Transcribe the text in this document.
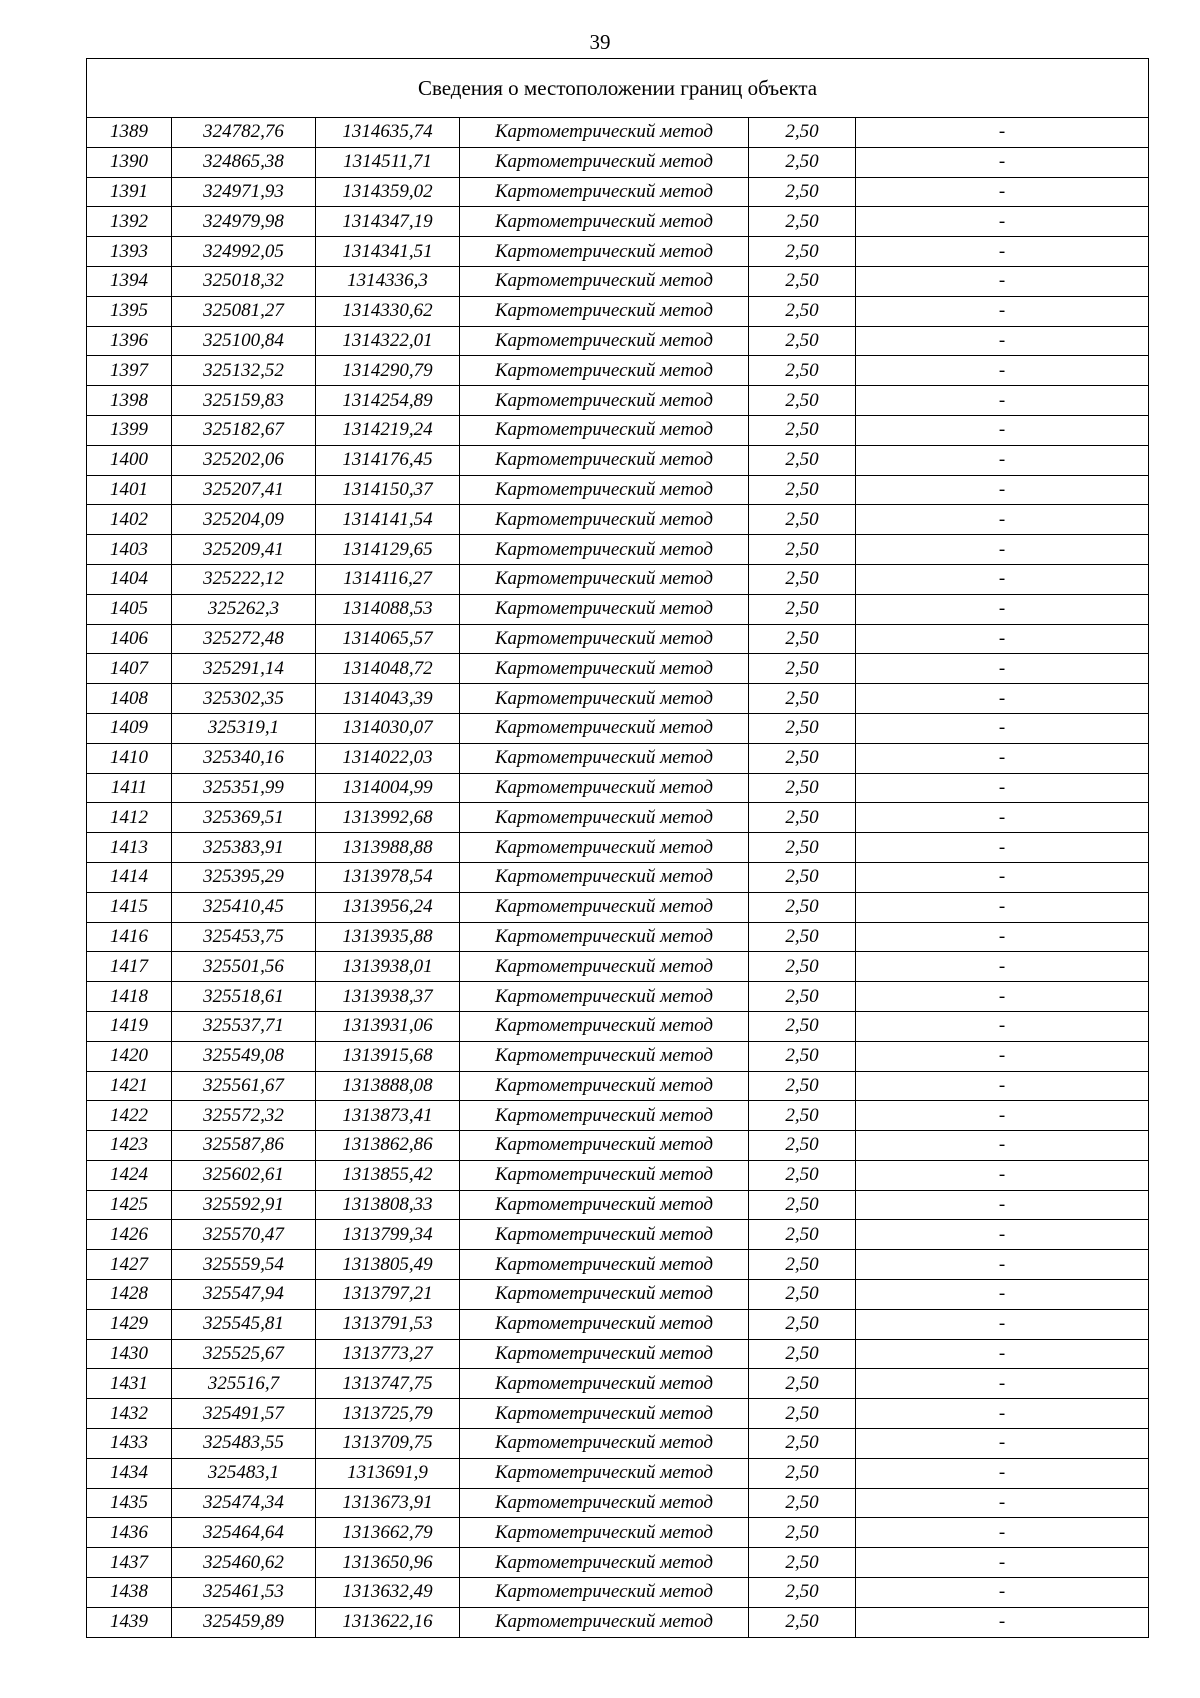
39
Сведения о местоположении границ объекта					
1389	324782,76	1314635,74	Картометрический метод	2,50	-
1390	324865,38	1314511,71	Картометрический метод	2,50	-
1391	324971,93	1314359,02	Картометрический метод	2,50	-
1392	324979,98	1314347,19	Картометрический метод	2,50	-
1393	324992,05	1314341,51	Картометрический метод	2,50	-
1394	325018,32	1314336,3	Картометрический метод	2,50	-
1395	325081,27	1314330,62	Картометрический метод	2,50	-
1396	325100,84	1314322,01	Картометрический метод	2,50	-
1397	325132,52	1314290,79	Картометрический метод	2,50	-
1398	325159,83	1314254,89	Картометрический метод	2,50	-
1399	325182,67	1314219,24	Картометрический метод	2,50	-
1400	325202,06	1314176,45	Картометрический метод	2,50	-
1401	325207,41	1314150,37	Картометрический метод	2,50	-
1402	325204,09	1314141,54	Картометрический метод	2,50	-
1403	325209,41	1314129,65	Картометрический метод	2,50	-
1404	325222,12	1314116,27	Картометрический метод	2,50	-
1405	325262,3	1314088,53	Картометрический метод	2,50	-
1406	325272,48	1314065,57	Картометрический метод	2,50	-
1407	325291,14	1314048,72	Картометрический метод	2,50	-
1408	325302,35	1314043,39	Картометрический метод	2,50	-
1409	325319,1	1314030,07	Картометрический метод	2,50	-
1410	325340,16	1314022,03	Картометрический метод	2,50	-
1411	325351,99	1314004,99	Картометрический метод	2,50	-
1412	325369,51	1313992,68	Картометрический метод	2,50	-
1413	325383,91	1313988,88	Картометрический метод	2,50	-
1414	325395,29	1313978,54	Картометрический метод	2,50	-
1415	325410,45	1313956,24	Картометрический метод	2,50	-
1416	325453,75	1313935,88	Картометрический метод	2,50	-
1417	325501,56	1313938,01	Картометрический метод	2,50	-
1418	325518,61	1313938,37	Картометрический метод	2,50	-
1419	325537,71	1313931,06	Картометрический метод	2,50	-
1420	325549,08	1313915,68	Картометрический метод	2,50	-
1421	325561,67	1313888,08	Картометрический метод	2,50	-
1422	325572,32	1313873,41	Картометрический метод	2,50	-
1423	325587,86	1313862,86	Картометрический метод	2,50	-
1424	325602,61	1313855,42	Картометрический метод	2,50	-
1425	325592,91	1313808,33	Картометрический метод	2,50	-
1426	325570,47	1313799,34	Картометрический метод	2,50	-
1427	325559,54	1313805,49	Картометрический метод	2,50	-
1428	325547,94	1313797,21	Картометрический метод	2,50	-
1429	325545,81	1313791,53	Картометрический метод	2,50	-
1430	325525,67	1313773,27	Картометрический метод	2,50	-
1431	325516,7	1313747,75	Картометрический метод	2,50	-
1432	325491,57	1313725,79	Картометрический метод	2,50	-
1433	325483,55	1313709,75	Картометрический метод	2,50	-
1434	325483,1	1313691,9	Картометрический метод	2,50	-
1435	325474,34	1313673,91	Картометрический метод	2,50	-
1436	325464,64	1313662,79	Картометрический метод	2,50	-
1437	325460,62	1313650,96	Картометрический метод	2,50	-
1438	325461,53	1313632,49	Картометрический метод	2,50	-
1439	325459,89	1313622,16	Картометрический метод	2,50	-
